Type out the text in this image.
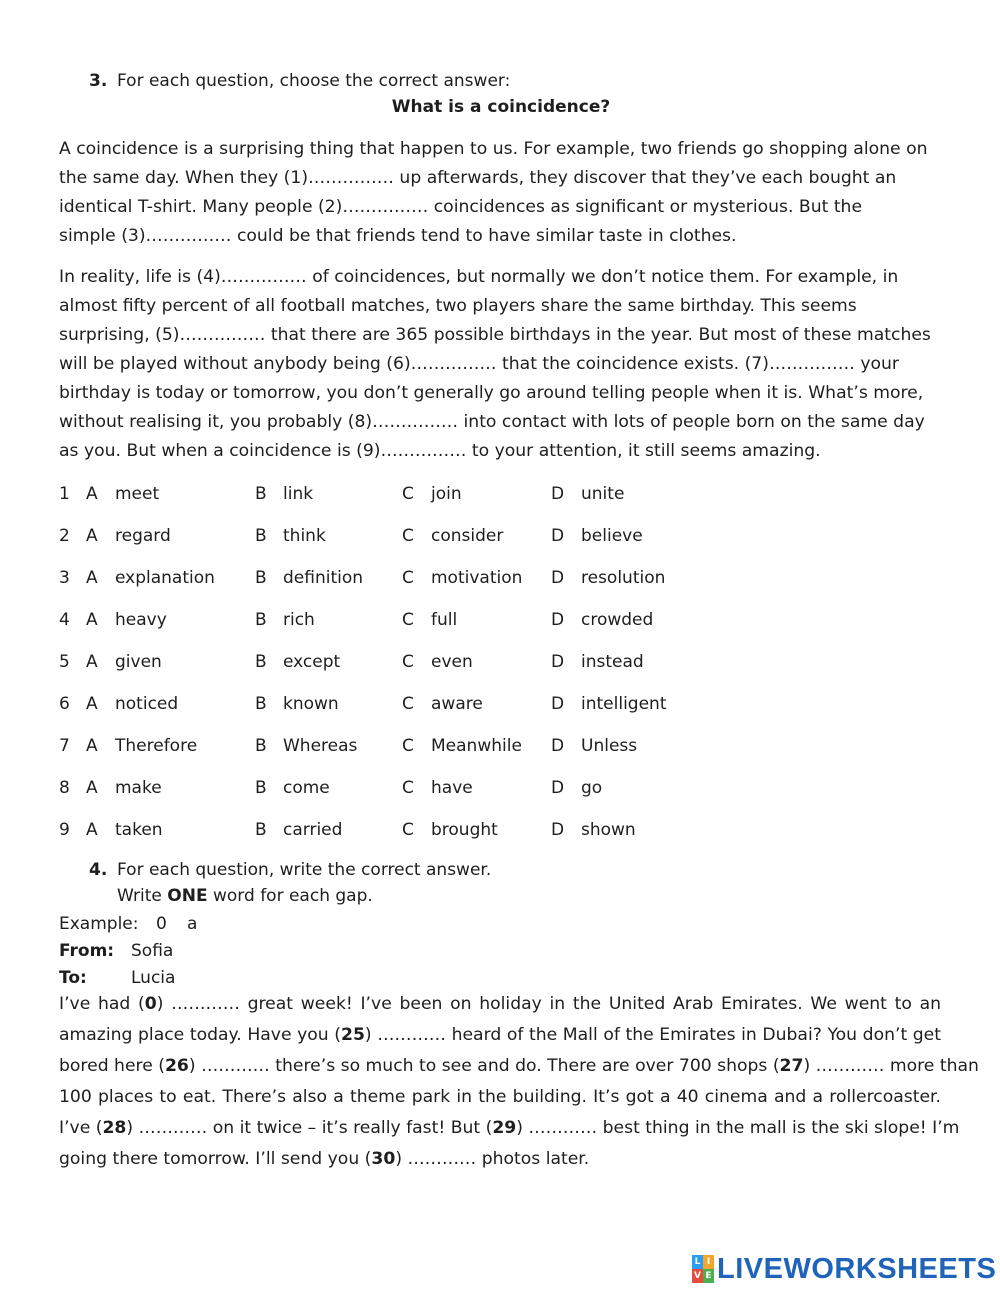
3. For each question, choose the correct answer:
What is a coincidence?
A coincidence is a surprising thing that happen to us. For example, two friends go shopping alone on
the same day. When they (1)…………… up afterwards, they discover that they’ve each bought an
identical T-shirt. Many people (2)…………… coincidences as significant or mysterious. But the
simple (3)…………… could be that friends tend to have similar taste in clothes.
In reality, life is (4)…………… of coincidences, but normally we don’t notice them. For example, in
almost fifty percent of all football matches, two players share the same birthday. This seems
surprising, (5)…………… that there are 365 possible birthdays in the year. But most of these matches
will be played without anybody being (6)…………… that the coincidence exists. (7)…………… your
birthday is today or tomorrow, you don’t generally go around telling people when it is. What’s more,
without realising it, you probably (8)…………… into contact with lots of people born on the same day
as you. But when a coincidence is (9)…………… to your attention, it still seems amazing.
1 A meet	B link	C join	D unite
2 A regard	B think	C consider	D believe
3 A explanation B definition C motivation D resolution
4 A heavy	B rich	C full	D crowded
5 A given	B except	C even	D instead
6 A noticed	B known	C aware	D intelligent
7 A Therefore	B Whereas	C Meanwhile D Unless
8 A make	B come	C have	D go
9 A taken	B carried	C brought	D shown
4. For each question, write the correct answer.
Write ONE word for each gap.
Example: 0 a
From: Sofia
To:	Lucia
I’ve had (0) ………… great week! I’ve been on holiday in the United Arab Emirates. We went to an
amazing place today. Have you (25) ………… heard of the Mall of the Emirates in Dubai? You don’t get
bored here (26) ………… there’s so much to see and do. There are over 700 shops (27) ………… more than
100 places to eat. There’s also a theme park in the building. It’s got a 40 cinema and a rollercoaster.
I’ve (28) ………… on it twice – it’s really fast! But (29) ………… best thing in the mall is the ski slope! I’m
going there tomorrow. I’ll send you (30) ………… photos later.
L I
V E LIVEWORKSHEETS
